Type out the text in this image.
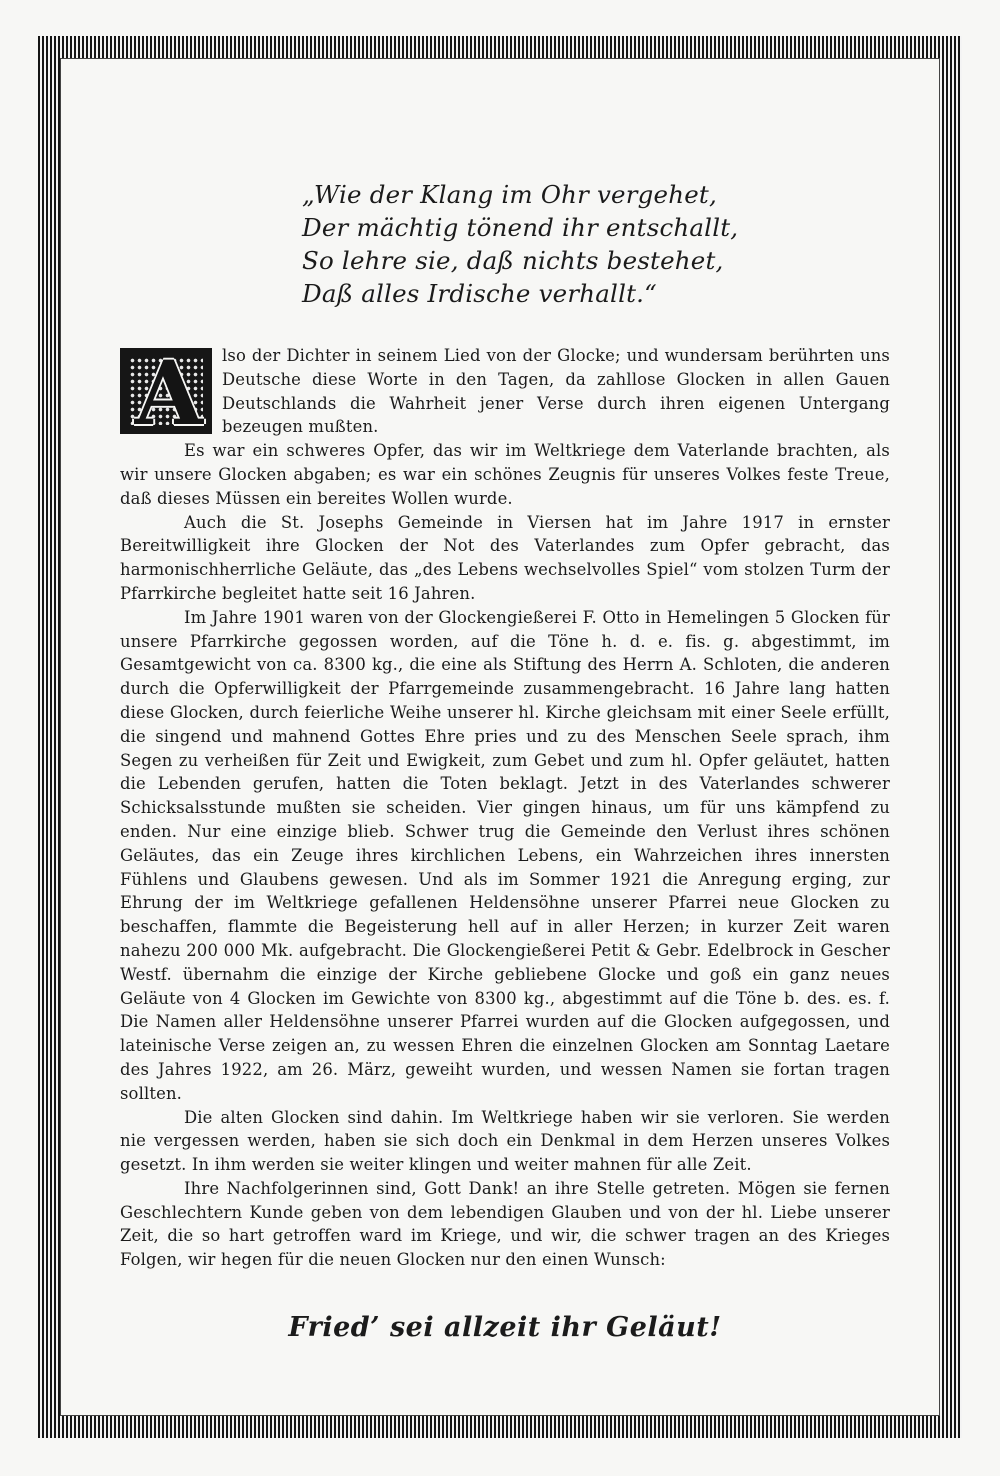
„Wie der Klang im Ohr vergehet,
Der mächtig tönend ihr entschallt,
So lehre sie, daß nichts bestehet,
Daß alles Irdische verhallt.“

A	lso der Dichter in seinem Lied von der Glocke; und wundersam berührten uns Deutsche diese Worte in den Tagen, da zahllose Glocken in allen Gauen Deutschlands die Wahrheit jener Verse durch ihren eigenen Untergang bezeugen mußten.

Es war ein schweres Opfer, das wir im Weltkriege dem Vaterlande brachten, als wir unsere Glocken abgaben; es war ein schönes Zeugnis für unseres Volkes feste Treue, daß dieses Müssen ein bereites Wollen wurde.

Auch die St. Josephs Gemeinde in Viersen hat im Jahre 1917 in ernster Bereitwilligkeit ihre Glocken der Not des Vaterlandes zum Opfer gebracht, das harmonischherrliche Geläute, das „des Lebens wechselvolles Spiel“ vom stolzen Turm der Pfarrkirche begleitet hatte seit 16 Jahren.

Im Jahre 1901 waren von der Glockengießerei F. Otto in Hemelingen 5 Glocken für unsere Pfarrkirche gegossen worden, auf die Töne h. d. e. fis. g. abgestimmt, im Gesamtgewicht von ca. 8300 kg., die eine als Stiftung des Herrn A. Schloten, die anderen durch die Opferwilligkeit der Pfarrgemeinde zusammengebracht. 16 Jahre lang hatten diese Glocken, durch feierliche Weihe unserer hl. Kirche gleichsam mit einer Seele erfüllt, die singend und mahnend Gottes Ehre pries und zu des Menschen Seele sprach, ihm Segen zu verheißen für Zeit und Ewigkeit, zum Gebet und zum hl. Opfer geläutet, hatten die Lebenden gerufen, hatten die Toten beklagt. Jetzt in des Vaterlandes schwerer Schicksalsstunde mußten sie scheiden. Vier gingen hinaus, um für uns kämpfend zu enden. Nur eine einzige blieb. Schwer trug die Gemeinde den Verlust ihres schönen Geläutes, das ein Zeuge ihres kirchlichen Lebens, ein Wahrzeichen ihres innersten Fühlens und Glaubens gewesen. Und als im Sommer 1921 die Anregung erging, zur Ehrung der im Weltkriege gefallenen Heldensöhne unserer Pfarrei neue Glocken zu beschaffen, flammte die Begeisterung hell auf in aller Herzen; in kurzer Zeit waren nahezu 200 000 Mk. aufgebracht. Die Glockengießerei Petit & Gebr. Edelbrock in Gescher Westf. übernahm die einzige der Kirche gebliebene Glocke und goß ein ganz neues Geläute von 4 Glocken im Gewichte von 8300 kg., abgestimmt auf die Töne b. des. es. f. Die Namen aller Heldensöhne unserer Pfarrei wurden auf die Glocken aufgegossen, und lateinische Verse zeigen an, zu wessen Ehren die einzelnen Glocken am Sonntag Laetare des Jahres 1922, am 26. März, geweiht wurden, und wessen Namen sie fortan tragen sollten.

Die alten Glocken sind dahin. Im Weltkriege haben wir sie verloren. Sie werden nie vergessen werden, haben sie sich doch ein Denkmal in dem Herzen unseres Volkes gesetzt. In ihm werden sie weiter klingen und weiter mahnen für alle Zeit.

Ihre Nachfolgerinnen sind, Gott Dank! an ihre Stelle getreten. Mögen sie fernen Geschlechtern Kunde geben von dem lebendigen Glauben und von der hl. Liebe unserer Zeit, die so hart getroffen ward im Kriege, und wir, die schwer tragen an des Krieges Folgen, wir hegen für die neuen Glocken nur den einen Wunsch:

Fried’ sei allzeit ihr Geläut!
